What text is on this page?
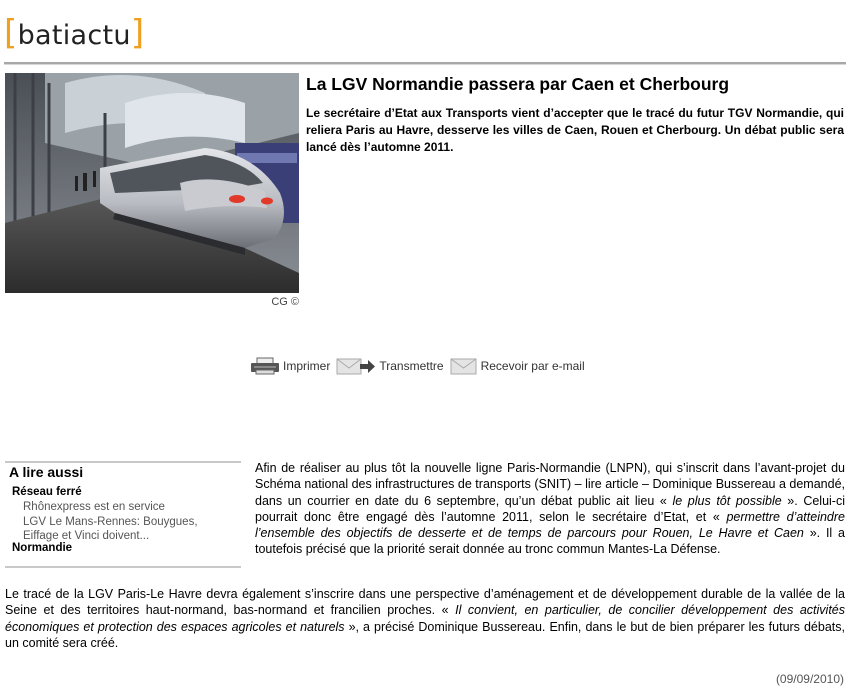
[batiactu]
CG ©
La LGV Normandie passera par Caen et Cherbourg
Le secrétaire d’Etat aux Transports vient d’accepter que le tracé du futur TGV Normandie, qui reliera Paris au Havre, desserve les villes de Caen, Rouen et Cherbourg. Un débat public sera lancé dès l’automne 2011.
Imprimer	Transmettre	Recevoir par e-mail
A lire aussi
Réseau ferré
Rhônexpress est en service
LGV Le Mans-Rennes: Bouygues, Eiffage et Vinci doivent...
Normandie
Afin de réaliser au plus tôt la nouvelle ligne Paris-Normandie (LNPN), qui s’inscrit dans l’avant-projet du Schéma national des infrastructures de transports (SNIT) – lire article – Dominique Bussereau a demandé, dans un courrier en date du 6 septembre, qu’un débat public ait lieu « le plus tôt possible ». Celui-ci pourrait donc être engagé dès l’automne 2011, selon le secrétaire d’Etat, et « permettre d’atteindre l’ensemble des objectifs de desserte et de temps de parcours pour Rouen, Le Havre et Caen ». Il a toutefois précisé que la priorité serait donnée au tronc commun Mantes-La Défense.
Le tracé de la LGV Paris-Le Havre devra également s’inscrire dans une perspective d’aménagement et de développement durable de la vallée de la Seine et des territoires haut-normand, bas-normand et francilien proches. « Il convient, en particulier, de concilier développement des activités économiques et protection des espaces agricoles et naturels », a précisé Dominique Bussereau. Enfin, dans le but de bien préparer les futurs débats, un comité sera créé.
(09/09/2010)
